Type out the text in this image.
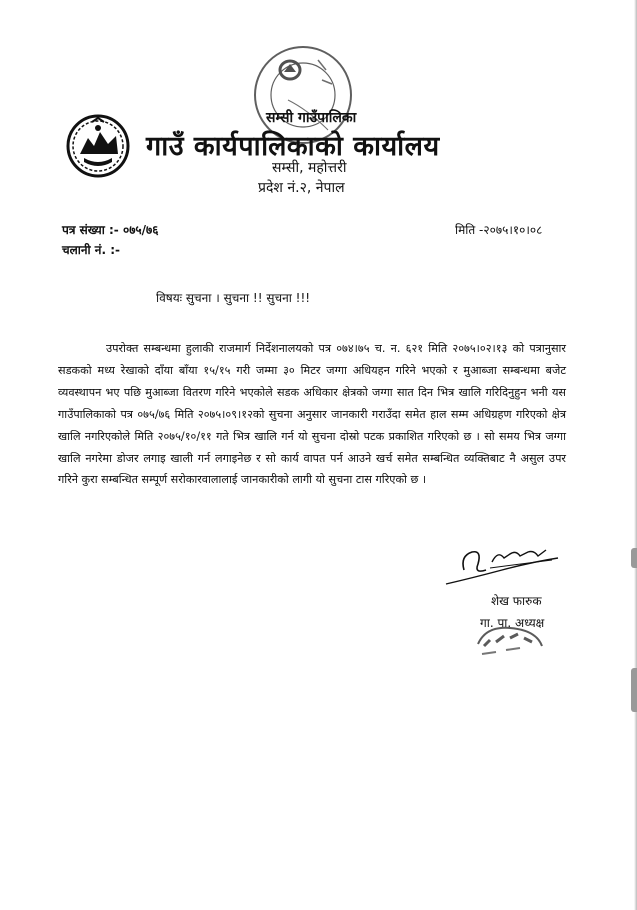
सम्सी गाउँपालिका
गाउँ कार्यपालिकाको कार्यालय
सम्सी, महोत्तरी
प्रदेश नं.२, नेपाल
पत्र संख्या :- ०७५/७६
चलानी नं. :-
मिति -२०७५।१०।०८
विषयः सुचना । सुचना !! सुचना !!!
उपरोक्त सम्बन्धमा हुलाकी राजमार्ग निर्देशनालयको पत्र ०७४।७५ च. न. ६२१ मिति २०७५।०२।१३ को पत्रानुसार सडकको मध्य रेखाको दाँया बाँया १५/१५ गरी जम्मा ३० मिटर जग्गा अधियहन गरिने भएको र मुआब्जा सम्बन्धमा बजेट व्यवस्थापन भए पछि मुआब्जा वितरण गरिने भएकोले सडक अधिकार क्षेत्रको जग्गा सात दिन भित्र खालि गरिदिनुहुन भनी यस गाउँपालिकाको पत्र ०७५/७६ मिति २०७५।०९।१२को सुचना अनुसार जानकारी गराउँदा समेत हाल सम्म अधिग्रहण गरिएको क्षेत्र खालि नगरिएकोले मिति २०७५/१०/११ गते भित्र खालि गर्न यो सुचना दोस्रो पटक प्रकाशित गरिएको छ । सो समय भित्र जग्गा खालि नगरेमा डोजर लगाइ खाली गर्न लगाइनेछ र सो कार्य वापत पर्न आउने खर्च समेत सम्बन्धित व्यक्तिबाट नै असुल उपर गरिने कुरा सम्बन्धित सम्पूर्ण सरोकारवालालाई जानकारीको लागी यो सुचना टास गरिएको छ ।
शेख फारुक
गा. पा. अध्यक्ष
